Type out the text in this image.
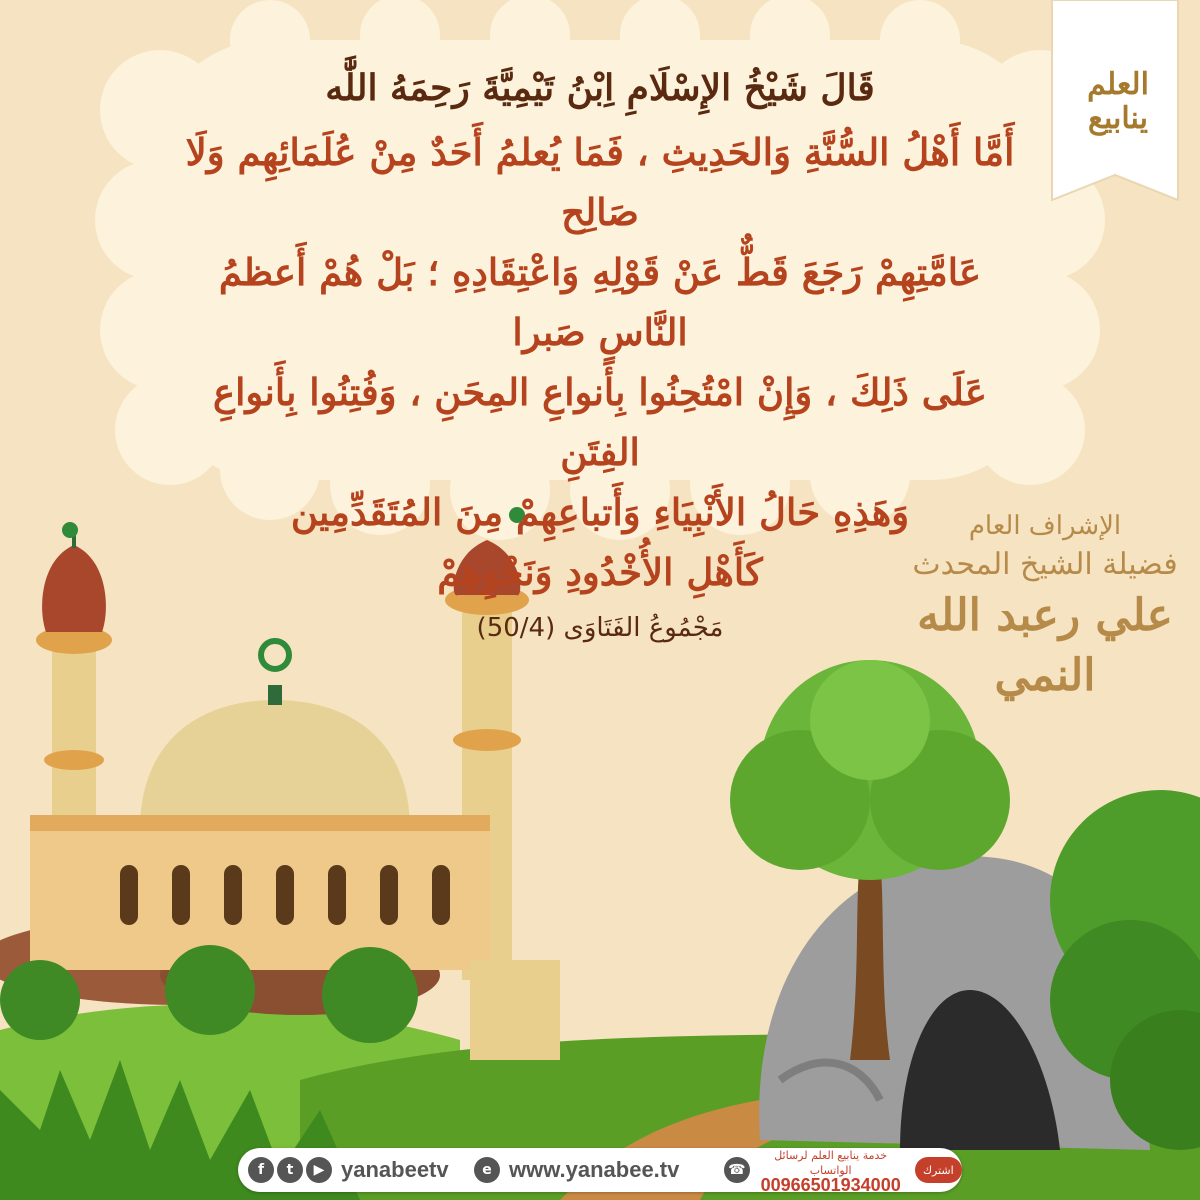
العلم
ينابيع
قَالَ شَيْخُ الإِسْلَامِ اِبْنُ تَيْمِيَّةَ رَحِمَهُ اللَّٰه
أَمَّا أَهْلُ السُّنَّةِ وَالحَدِيثِ ، فَمَا يُعلمُ أَحَدٌ مِنْ عُلَمَائِهِم وَلَا صَالِح
عَامَّتِهِمْ رَجَعَ قَطٌّ عَنْ قَوْلِهِ وَاعْتِقَادِهِ ؛ بَلْ هُمْ أَعظمُ النَّاسِ صَبرا
عَلَى ذَلِكَ ، وَإِنْ امْتُحِنُوا بِأَنواعِ المِحَنِ ، وَفُتِنُوا بِأَنواعِ الفِتَنِ
وَهَذِهِ حَالُ الأَنْبِيَاءِ وَأَتباعِهِمْ مِنَ المُتَقَدِّمِين
كَأَهْلِ الأُخْدُودِ وَنَحْوِهِمْ
مَجْمُوعُ الفَتَاوَى (50/4)
الإشراف العام
فضيلة الشيخ المحدث
علي رعبد الله النمي
f	t	▶ yanabeetv	e www.yanabee.tv	☎
خدمة ينابيع العلم لرسائل الواتساب
00966501934000
اشترك
